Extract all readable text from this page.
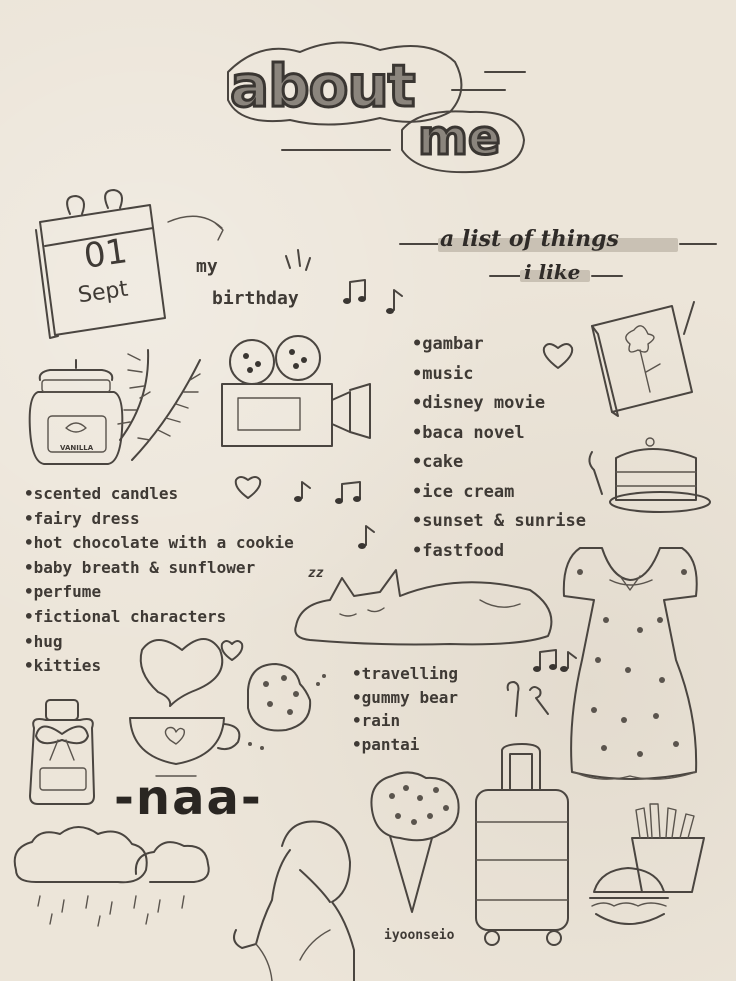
about
me
01
Sept
my
birthday
a list of things
i like
• gambar
• music
• disney movie
• baca novel
• cake
• ice cream
• sunset & sunrise
• fastfood
• scented candles
• fairy dress
• hot chocolate with a cookie
• baby breath & sunflower
• perfume
• fictional characters
• hug
• kitties
•	travelling
• gummy bear
• rain
• pantai
VANILLA
zz
-naa-
iyoonseio
